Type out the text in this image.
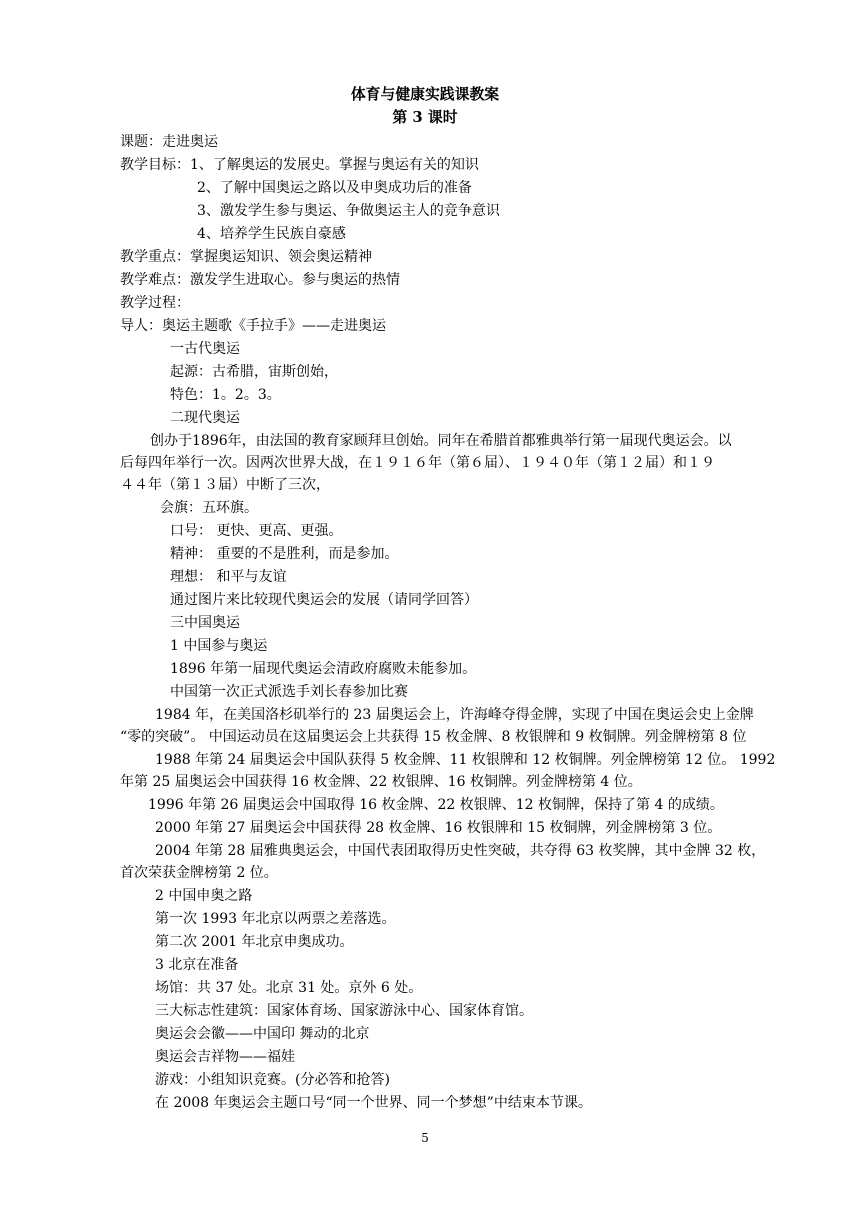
体育与健康实践课教案
第 3 课时
课题：走进奥运
教学目标：1、了解奥运的发展史。掌握与奥运有关的知识
2、了解中国奥运之路以及申奥成功后的准备
3、激发学生参与奥运、争做奥运主人的竞争意识
4、培养学生民族自豪感
教学重点：掌握奥运知识、领会奥运精神
教学难点：激发学生进取心。参与奥运的热情
教学过程：
导人：奥运主题歌《手拉手》——走进奥运
一古代奥运
起源：古希腊，宙斯创始，
特色：1。2。3。
二现代奥运
创办于1896年，由法国的教育家顾拜旦创始。同年在希腊首都雅典举行第一届现代奥运会。以
后每四年举行一次。因两次世界大战，在１９１６年（第６届）、１９４０年（第１２届）和１９
４４年（第１３届）中断了三次，
会旗：五环旗。
口号： 更快、更高、更强。
精神： 重要的不是胜利，而是参加。
理想： 和平与友谊
通过图片来比较现代奥运会的发展（请同学回答）
三中国奥运
1 中国参与奥运
1896 年第一届现代奥运会清政府腐败未能参加。
中国第一次正式派选手刘长春参加比赛
1984 年，在美国洛杉矶举行的 23 届奥运会上，许海峰夺得金牌，实现了中国在奥运会史上金牌
“零的突破”。 中国运动员在这届奥运会上共获得 15 枚金牌、8 枚银牌和 9 枚铜牌。列金牌榜第 8 位
1988 年第 24 届奥运会中国队获得 5 枚金牌、11 枚银牌和 12 枚铜牌。列金牌榜第 12 位。 1992
年第 25 届奥运会中国获得 16 枚金牌、22 枚银牌、16 枚铜牌。列金牌榜第 4 位。
1996 年第 26 届奥运会中国取得 16 枚金牌、22 枚银牌、12 枚铜牌，保持了第 4 的成绩。
2000 年第 27 届奥运会中国获得 28 枚金牌、16 枚银牌和 15 枚铜牌，列金牌榜第 3 位。
2004 年第 28 届雅典奥运会，中国代表团取得历史性突破，共夺得 63 枚奖牌，其中金牌 32 枚，
首次荣获金牌榜第 2 位。
2 中国申奥之路
第一次 1993 年北京以两票之差落选。
第二次 2001 年北京申奥成功。
3 北京在准备
场馆：共 37 处。北京 31 处。京外 6 处。
三大标志性建筑：国家体育场、国家游泳中心、国家体育馆。
奥运会会徽——中国印 舞动的北京
奥运会吉祥物——福娃
游戏：小组知识竞赛。(分必答和抢答)
在 2008 年奥运会主题口号“同一个世界、同一个梦想”中结束本节课。
5
